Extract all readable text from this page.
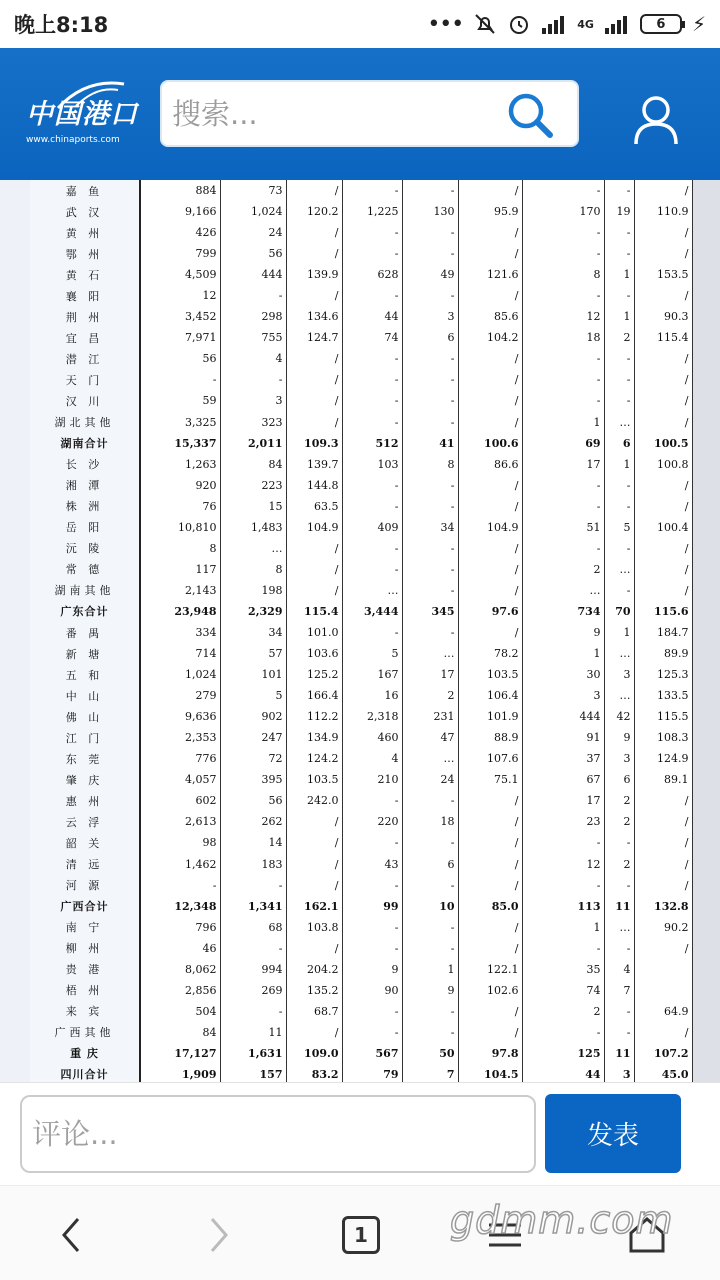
晚上8:18	•••	4G	6	⚡
中国港口
www.chinaports.com
搜索...
嘉 鱼	884	73	/	-	-	/	-	-	/
武 汉	9,166	1,024	120.2	1,225	130	95.9	170	19	110.9
黄 州	426	24	/	-	-	/	-	-	/
鄂 州	799	56	/	-	-	/	-	-	/
黄 石	4,509	444	139.9	628	49	121.6	8	1	153.5
襄 阳	12	-	/	-	-	/	-	-	/
荆 州	3,452	298	134.6	44	3	85.6	12	1	90.3
宜 昌	7,971	755	124.7	74	6	104.2	18	2	115.4
潜 江	56	4	/	-	-	/	-	-	/
天 门	-	-	/	-	-	/	-	-	/
汉 川	59	3	/	-	-	/	-	-	/
湖北其他	3,325	323	/	-	-	/	1	…	/
湖南合计	15,337	2,011	109.3	512	41	100.6	69	6	100.5
长 沙	1,263	84	139.7	103	8	86.6	17	1	100.8
湘 潭	920	223	144.8	-	-	/	-	-	/
株 洲	76	15	63.5	-	-	/	-	-	/
岳 阳	10,810	1,483	104.9	409	34	104.9	51	5	100.4
沅 陵	8	…	/	-	-	/	-	-	/
常 德	117	8	/	-	-	/	2	…	/
湖南其他	2,143	198	/	…	-	/	…	-	/
广东合计	23,948	2,329	115.4	3,444	345	97.6	734	70	115.6
番 禺	334	34	101.0	-	-	/	9	1	184.7
新 塘	714	57	103.6	5	…	78.2	1	…	89.9
五 和	1,024	101	125.2	167	17	103.5	30	3	125.3
中 山	279	5	166.4	16	2	106.4	3	…	133.5
佛 山	9,636	902	112.2	2,318	231	101.9	444	42	115.5
江 门	2,353	247	134.9	460	47	88.9	91	9	108.3
东 莞	776	72	124.2	4	…	107.6	37	3	124.9
肇 庆	4,057	395	103.5	210	24	75.1	67	6	89.1
惠 州	602	56	242.0	-	-	/	17	2	/
云 浮	2,613	262	/	220	18	/	23	2	/
韶 关	98	14	/	-	-	/	-	-	/
清 远	1,462	183	/	43	6	/	12	2	/
河 源	-	-	/	-	-	/	-	-	/
广西合计	12,348	1,341	162.1	99	10	85.0	113	11	132.8
南 宁	796	68	103.8	-	-	/	1	…	90.2
柳 州	46	-	/	-	-	/	-	-	/
贵 港	8,062	994	204.2	9	1	122.1	35	4	
梧 州	2,856	269	135.2	90	9	102.6	74	7	
来 宾	504	-	68.7	-	-	/	2	-	64.9
广西其他	84	11	/	-	-	/	-	-	/
重 庆	17,127	1,631	109.0	567	50	97.8	125	11	107.2
四川合计	1,909	157	83.2	79	7	104.5	44	3	45.0
评论...
发表
1 gdmm.com
